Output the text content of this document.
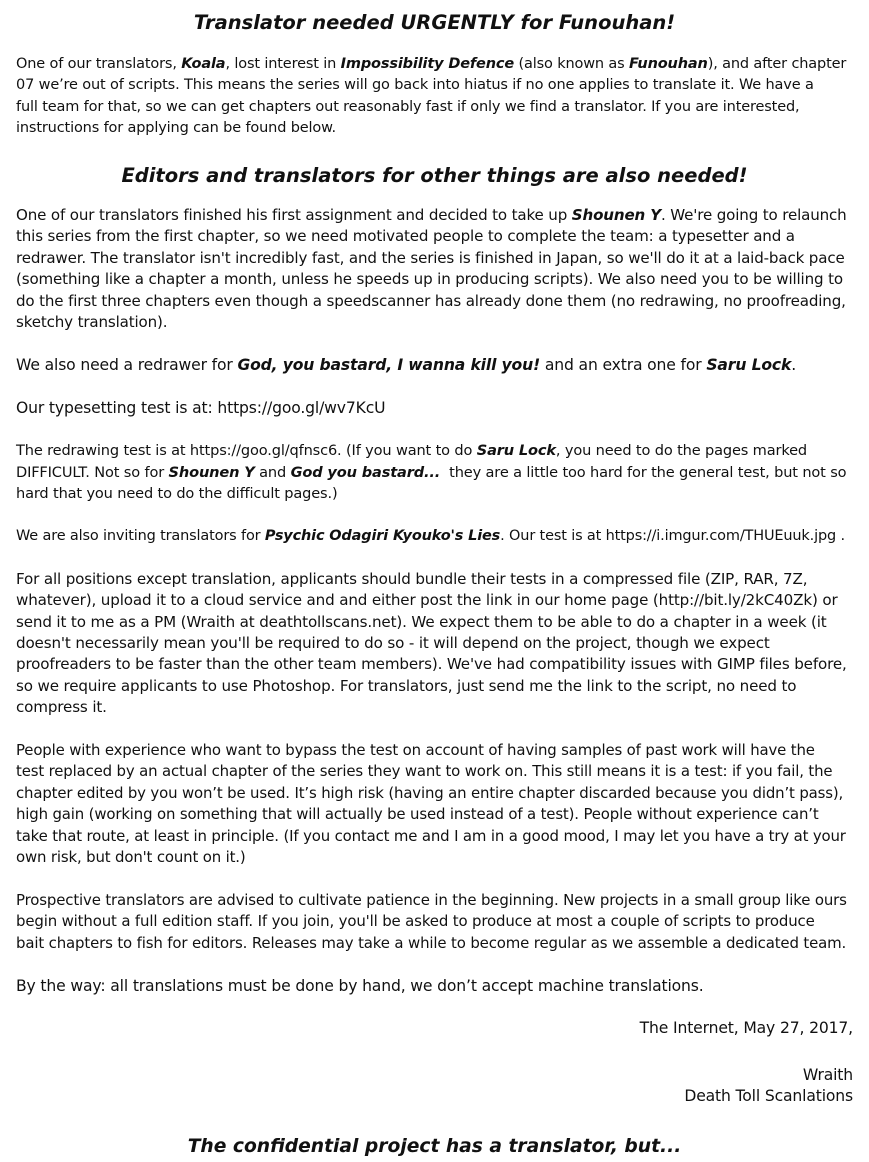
Translator needed URGENTLY for Funouhan!
One of our translators, Koala, lost interest in Impossibility Defence (also known as Funouhan), and after chapter
07 we’re out of scripts. This means the series will go back into hiatus if no one applies to translate it. We have a
full team for that, so we can get chapters out reasonably fast if only we find a translator. If you are interested,
instructions for applying can be found below.
Editors and translators for other things are also needed!
One of our translators finished his first assignment and decided to take up Shounen Y. We're going to relaunch
this series from the first chapter, so we need motivated people to complete the team: a typesetter and a
redrawer. The translator isn't incredibly fast, and the series is finished in Japan, so we'll do it at a laid-back pace
(something like a chapter a month, unless he speeds up in producing scripts). We also need you to be willing to
do the first three chapters even though a speedscanner has already done them (no redrawing, no proofreading,
sketchy translation).
We also need a redrawer for God, you bastard, I wanna kill you! and an extra one for Saru Lock.
Our typesetting test is at: https://goo.gl/wv7KcU
The redrawing test is at https://goo.gl/qfnsc6. (If you want to do Saru Lock, you need to do the pages marked
DIFFICULT. Not so for Shounen Y and God you bastard...  they are a little too hard for the general test, but not so
hard that you need to do the difficult pages.)
We are also inviting translators for Psychic Odagiri Kyouko's Lies. Our test is at https://i.imgur.com/THUEuuk.jpg .
For all positions except translation, applicants should bundle their tests in a compressed file (ZIP, RAR, 7Z,
whatever), upload it to a cloud service and and either post the link in our home page (http://bit.ly/2kC40Zk) or
send it to me as a PM (Wraith at deathtollscans.net). We expect them to be able to do a chapter in a week (it
doesn't necessarily mean you'll be required to do so - it will depend on the project, though we expect
proofreaders to be faster than the other team members). We've had compatibility issues with GIMP files before,
so we require applicants to use Photoshop. For translators, just send me the link to the script, no need to
compress it.
People with experience who want to bypass the test on account of having samples of past work will have the
test replaced by an actual chapter of the series they want to work on. This still means it is a test: if you fail, the
chapter edited by you won’t be used. It’s high risk (having an entire chapter discarded because you didn’t pass),
high gain (working on something that will actually be used instead of a test). People without experience can’t
take that route, at least in principle. (If you contact me and I am in a good mood, I may let you have a try at your
own risk, but don't count on it.)
Prospective translators are advised to cultivate patience in the beginning. New projects in a small group like ours
begin without a full edition staff. If you join, you'll be asked to produce at most a couple of scripts to produce
bait chapters to fish for editors. Releases may take a while to become regular as we assemble a dedicated team.
By the way: all translations must be done by hand, we don’t accept machine translations.
The Internet, May 27, 2017,
Wraith
Death Toll Scanlations
The confidential project has a translator, but...
